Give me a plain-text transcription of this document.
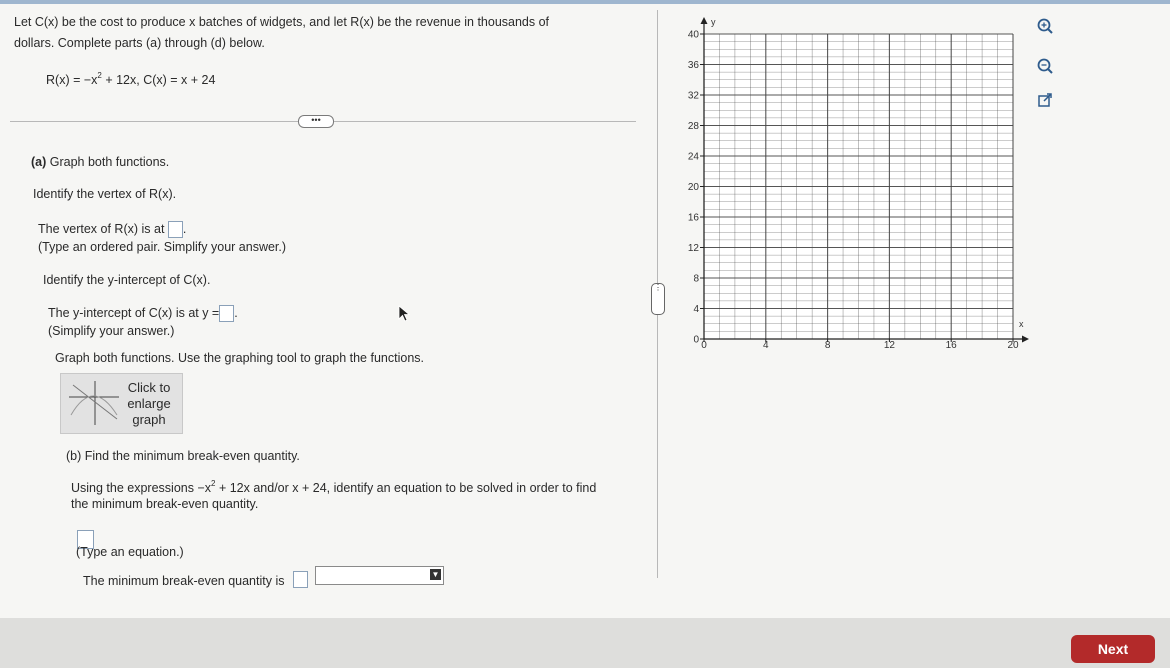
Let C(x) be the cost to produce x batches of widgets, and let R(x) be the revenue in thousands of
dollars. Complete parts (a) through (d) below.
$R(x) = -x^2 + 12x$, C(x) = x + 24
•••
(a) Graph both functions.
Identify the vertex of R(x).
The vertex of R(x) is at .
(Type an ordered pair. Simplify your answer.)
Identify the y-intercept of C(x).
The y-intercept of C(x) is at y = .
(Simplify your answer.)
Graph both functions. Use the graphing tool to graph the functions.
Click to enlarge graph
(b) Find the minimum break-even quantity.
Using the expressions $-x^2 + 12x$ and/or x + 24, identify an equation to be solved in order to find
the minimum break-even quantity.
(Type an equation.)
The minimum break-even quantity is	▼
⋮
y
x
0
4
8
12
16
20
24
28
32
36
40
0	4	8	12	16	20
Next
